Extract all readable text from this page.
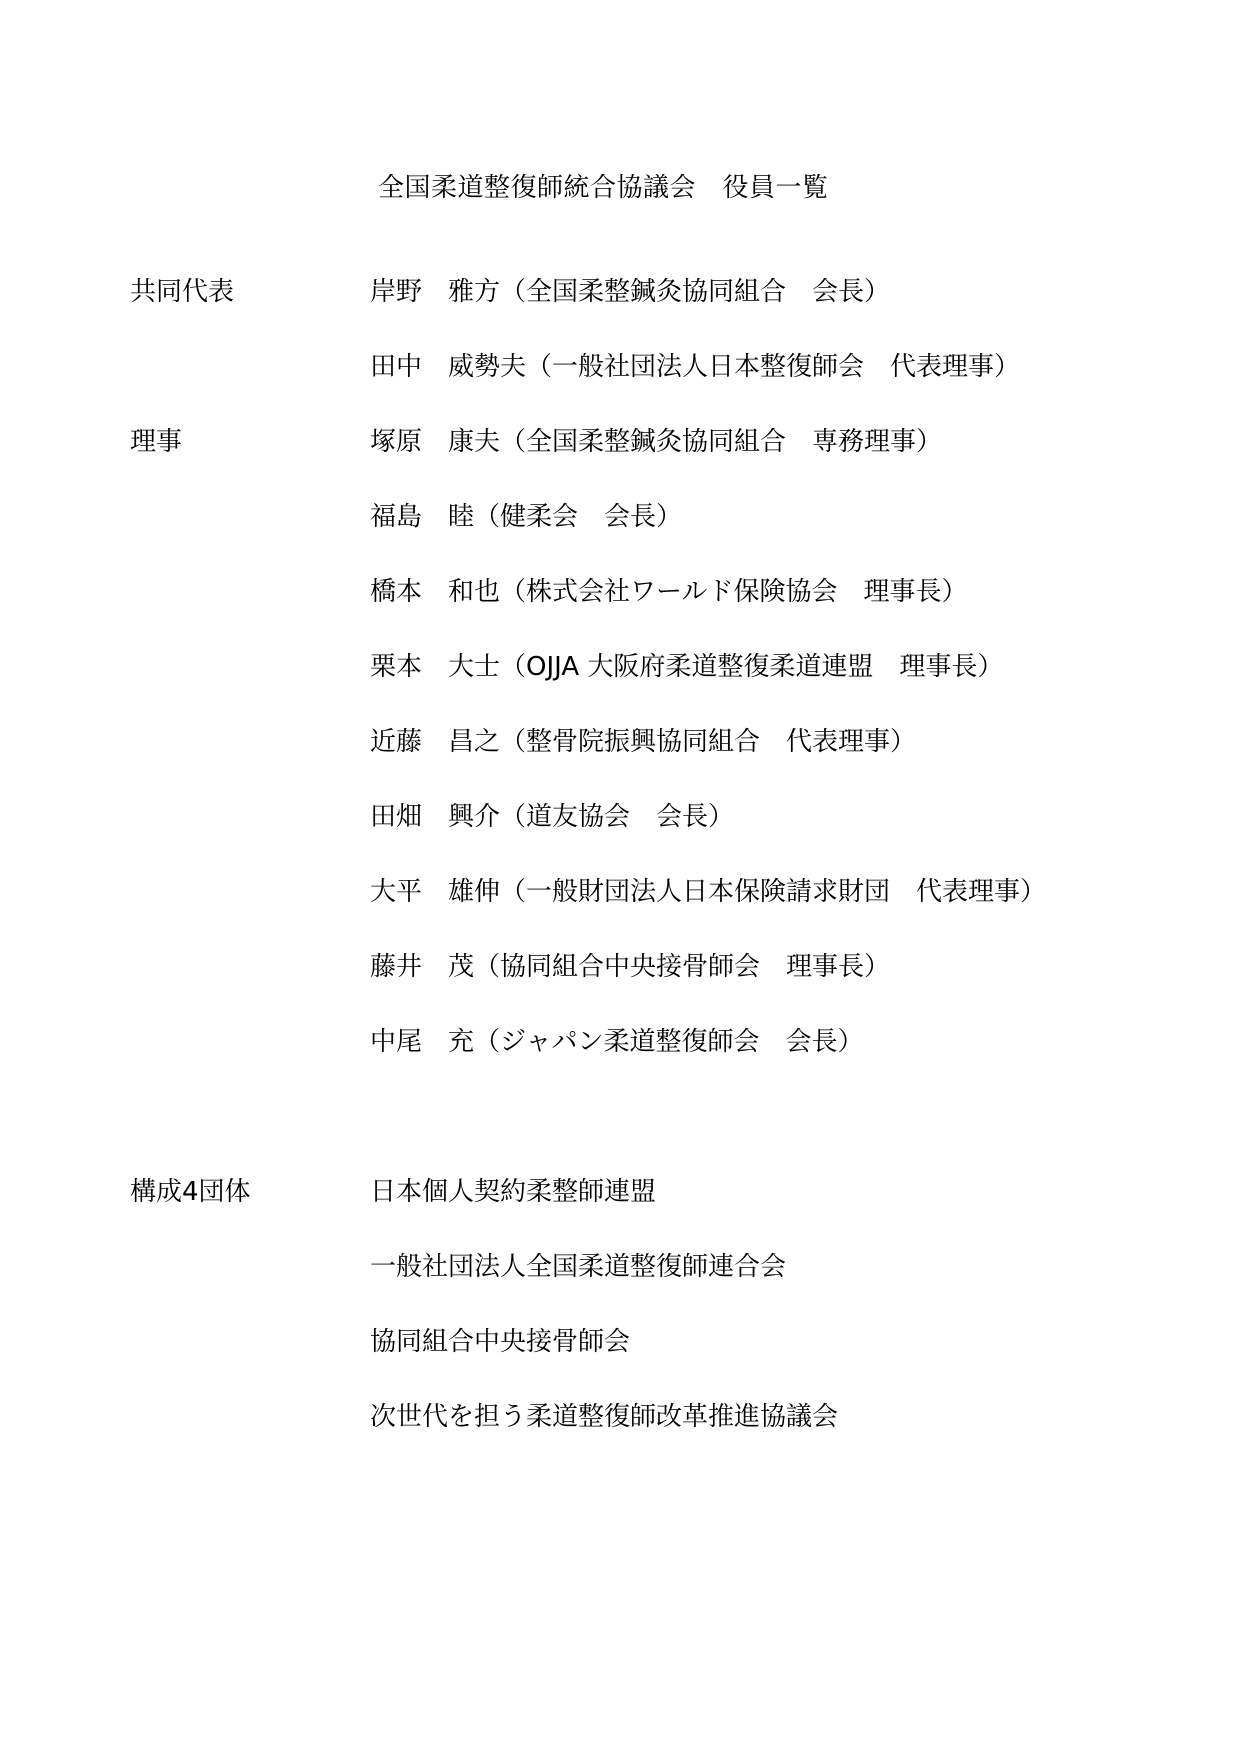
全国柔道整復師統合協議会　役員一覧
共同代表	岸野　雅方（全国柔整鍼灸協同組合　会長）
田中　威勢夫（一般社団法人日本整復師会　代表理事）
理事	塚原　康夫（全国柔整鍼灸協同組合　専務理事）
福島　睦（健柔会　会長）
橋本　和也（株式会社ワールド保険協会　理事長）
栗本　大士（OJJA 大阪府柔道整復柔道連盟　理事長）
近藤　昌之（整骨院振興協同組合　代表理事）
田畑　興介（道友協会　会長）
大平　雄伸（一般財団法人日本保険請求財団　代表理事）
藤井　茂（協同組合中央接骨師会　理事長）
中尾　充（ジャパン柔道整復師会　会長）
構成4団体	日本個人契約柔整師連盟
一般社団法人全国柔道整復師連合会
協同組合中央接骨師会
次世代を担う柔道整復師改革推進協議会
